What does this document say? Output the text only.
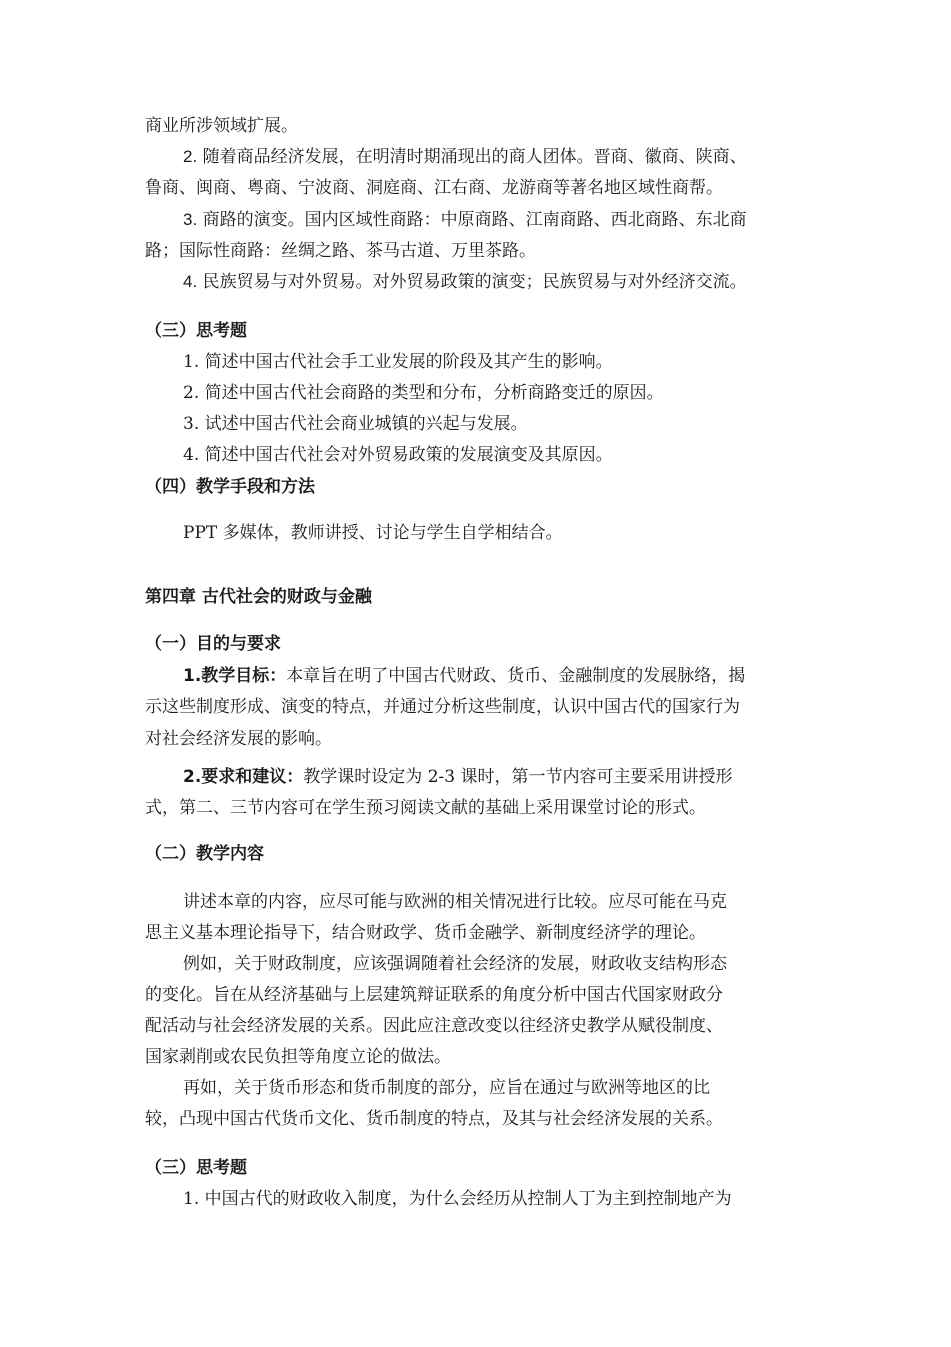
商业所涉领域扩展。
2. 随着商品经济发展，在明清时期涌现出的商人团体。晋商、徽商、陕商、
鲁商、闽商、粤商、宁波商、洞庭商、江右商、龙游商等著名地区域性商帮。
3. 商路的演变。国内区域性商路：中原商路、江南商路、西北商路、东北商
路；国际性商路：丝绸之路、茶马古道、万里茶路。
4. 民族贸易与对外贸易。对外贸易政策的演变；民族贸易与对外经济交流。
（三）思考题
1. 简述中国古代社会手工业发展的阶段及其产生的影响。
2. 简述中国古代社会商路的类型和分布，分析商路变迁的原因。
3. 试述中国古代社会商业城镇的兴起与发展。
4. 简述中国古代社会对外贸易政策的发展演变及其原因。
（四）教学手段和方法
PPT 多媒体，教师讲授、讨论与学生自学相结合。
第四章 古代社会的财政与金融
（一）目的与要求
1.教学目标：本章旨在明了中国古代财政、货币、金融制度的发展脉络，揭
示这些制度形成、演变的特点，并通过分析这些制度，认识中国古代的国家行为
对社会经济发展的影响。
2.要求和建议：教学课时设定为 2-3 课时，第一节内容可主要采用讲授形
式，第二、三节内容可在学生预习阅读文献的基础上采用课堂讨论的形式。
（二）教学内容
讲述本章的内容，应尽可能与欧洲的相关情况进行比较。应尽可能在马克
思主义基本理论指导下，结合财政学、货币金融学、新制度经济学的理论。
例如，关于财政制度，应该强调随着社会经济的发展，财政收支结构形态
的变化。旨在从经济基础与上层建筑辩证联系的角度分析中国古代国家财政分
配活动与社会经济发展的关系。因此应注意改变以往经济史教学从赋役制度、
国家剥削或农民负担等角度立论的做法。
再如，关于货币形态和货币制度的部分，应旨在通过与欧洲等地区的比
较，凸现中国古代货币文化、货币制度的特点，及其与社会经济发展的关系。
（三）思考题
1. 中国古代的财政收入制度，为什么会经历从控制人丁为主到控制地产为
